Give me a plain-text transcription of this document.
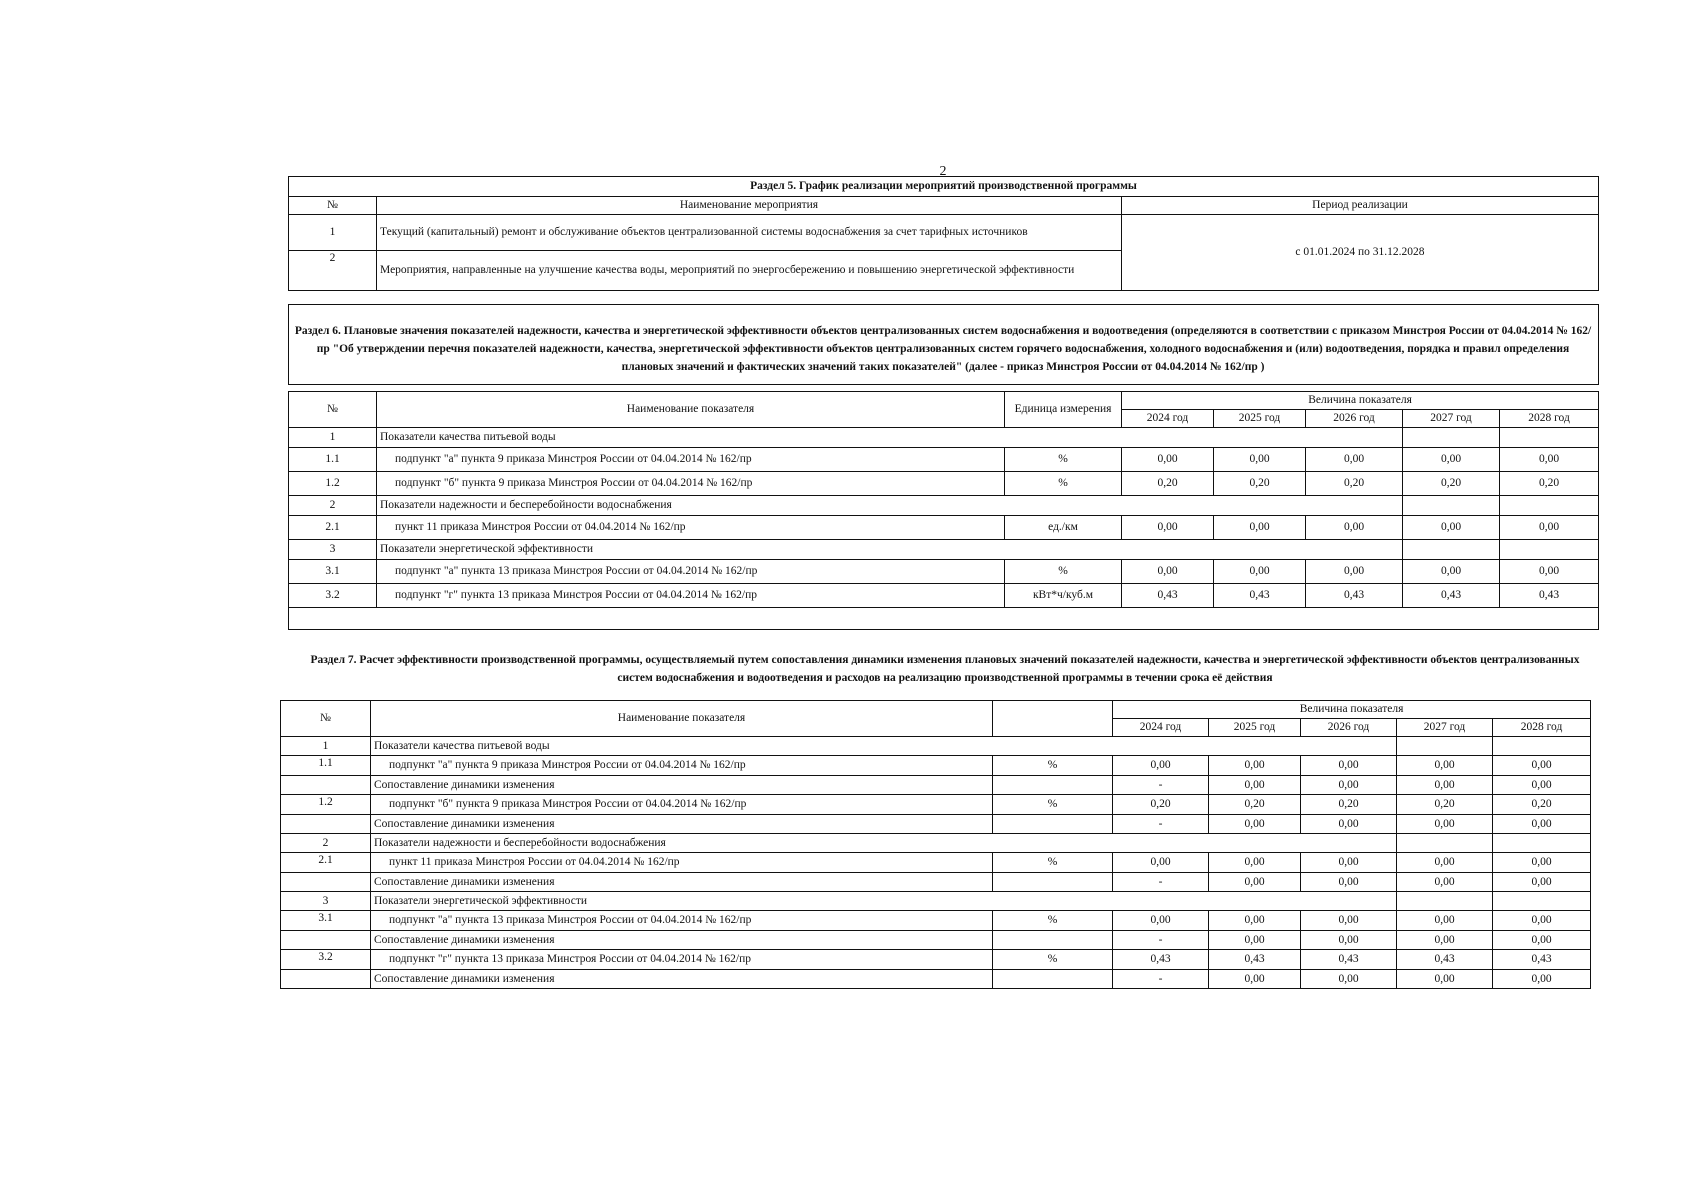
2
Раздел 5. График реализации мероприятий производственной программы		
№	Наименование мероприятия	Период реализации
1	Текущий (капитальный) ремонт и обслуживание объектов централизованной системы водоснабжения за счет тарифных источников	с 01.01.2024 по 31.12.2028
2	Мероприятия, направленные на улучшение качества воды, мероприятий по энергосбережению и повышению энергетической эффективности	
Раздел 6. Плановые значения показателей надежности, качества и энергетической эффективности объектов централизованных систем водоснабжения и водоотведения (определяются в соответствии с приказом Минстроя России от 04.04.2014 № 162/пр "Об утверждении перечня показателей надежности, качества, энергетической эффективности объектов централизованных систем горячего водоснабжения, холодного водоснабжения и (или) водоотведения, порядка и правил определения плановых значений и фактических значений таких показателей" (далее - приказ Минстроя России от 04.04.2014 № 162/пр )
№	Наименование показателя	Единица измерения	Величина показателя				
			2024 год	2025 год	2026 год	2027 год	2028 год
1	Показатели качества питьевой воды						
1.1	подпункт "а" пункта 9 приказа Минстроя России от 04.04.2014 № 162/пр	%	0,00	0,00	0,00	0,00	0,00
1.2	подпункт "б" пункта 9 приказа Минстроя России от 04.04.2014 № 162/пр	%	0,20	0,20	0,20	0,20	0,20
2	Показатели надежности и бесперебойности водоснабжения						
2.1	пункт 11 приказа Минстроя России от 04.04.2014 № 162/пр	ед./км	0,00	0,00	0,00	0,00	0,00
3	Показатели энергетической эффективности						
3.1	подпункт "а" пункта 13 приказа Минстроя России от 04.04.2014 № 162/пр	%	0,00	0,00	0,00	0,00	0,00
3.2	подпункт "г" пункта 13 приказа Минстроя России от 04.04.2014 № 162/пр	кВт*ч/куб.м	0,43	0,43	0,43	0,43	0,43

Раздел 7. Расчет эффективности производственной программы, осуществляемый путем сопоставления динамики изменения плановых значений показателей надежности, качества и энергетической эффективности объектов централизованных систем водоснабжения и водоотведения и расходов на реализацию производственной программы в течении срока её действия
№	Наименование показателя		Величина показателя				
			2024 год	2025 год	2026 год	2027 год	2028 год
1	Показатели качества питьевой воды						
1.1	подпункт "а" пункта 9 приказа Минстроя России от 04.04.2014 № 162/пр	%	0,00	0,00	0,00	0,00	0,00
	Сопоставление динамики изменения		-	0,00	0,00	0,00	0,00
1.2	подпункт "б" пункта 9 приказа Минстроя России от 04.04.2014 № 162/пр	%	0,20	0,20	0,20	0,20	0,20
	Сопоставление динамики изменения		-	0,00	0,00	0,00	0,00
2	Показатели надежности и бесперебойности водоснабжения						
2.1	пункт 11 приказа Минстроя России от 04.04.2014 № 162/пр	%	0,00	0,00	0,00	0,00	0,00
	Сопоставление динамики изменения		-	0,00	0,00	0,00	0,00
3	Показатели энергетической эффективности						
3.1	подпункт "а" пункта 13 приказа Минстроя России от 04.04.2014 № 162/пр	%	0,00	0,00	0,00	0,00	0,00
	Сопоставление динамики изменения		-	0,00	0,00	0,00	0,00
3.2	подпункт "г" пункта 13 приказа Минстроя России от 04.04.2014 № 162/пр	%	0,43	0,43	0,43	0,43	0,43
	Сопоставление динамики изменения		-	0,00	0,00	0,00	0,00
